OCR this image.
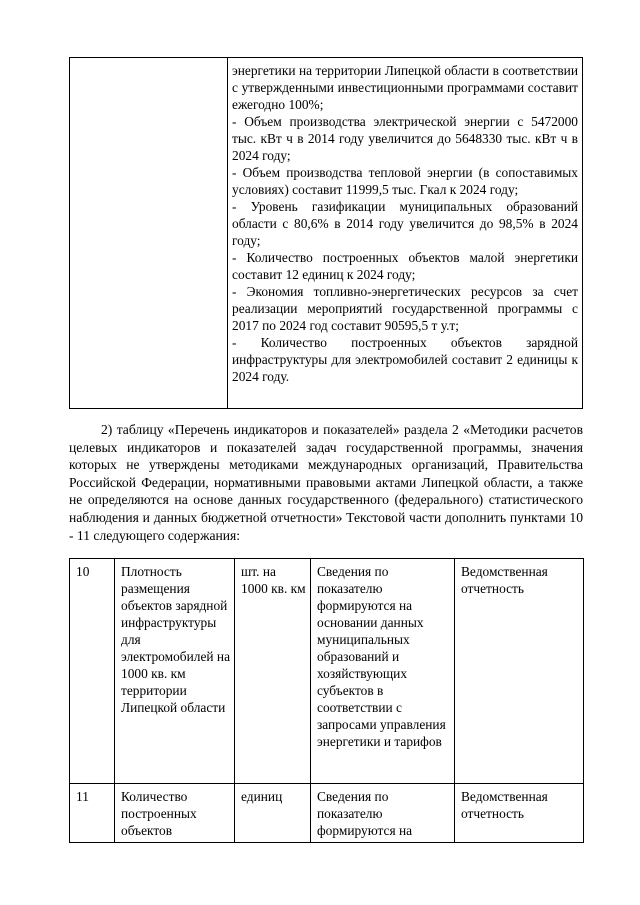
энергетики на территории Липецкой области в соответствии с утвержденными инвестиционными программами составит ежегодно 100%;

- Объем производства электрической энергии с 5472000 тыс. кВт ч в 2014 году увеличится до 5648330 тыс. кВт ч в 2024 году;

- Объем производства тепловой энергии (в сопоставимых условиях) составит 11999,5 тыс. Гкал к 2024 году;

- Уровень газификации муниципальных образований области с 80,6% в 2014 году увеличится до 98,5% в 2024 году;

- Количество построенных объектов малой энергетики составит 12 единиц к 2024 году;

- Экономия топливно-энергетических ресурсов за счет реализации мероприятий государственной программы с 2017 по 2024 год составит 90595,5 т у.т;

- Количество построенных объектов зарядной инфраструктуры для электромобилей составит 2 единицы к 2024 году.

2) таблицу «Перечень индикаторов и показателей» раздела 2 «Методики расчетов целевых индикаторов и показателей задач государственной программы, значения которых не утверждены методиками международных организаций, Правительства Российской Федерации, нормативными правовыми актами Липецкой области, а также не определяются на основе данных государственного (федерального) статистического наблюдения и данных бюджетной отчетности» Текстовой части дополнить пунктами 10 - 11 следующего содержания:

10	Плотность размещения объектов зарядной инфраструктуры для электромобилей на 1000 кв. км территории Липецкой области	шт. на 1000 кв. км	Сведения по показателю формируются на основании данных муниципальных образований и хозяйствующих субъектов в соответствии с запросами управления энергетики и тарифов	Ведомственная отчетность
11	Количество построенных объектов	единиц	Сведения по показателю формируются на	Ведомственная отчетность
